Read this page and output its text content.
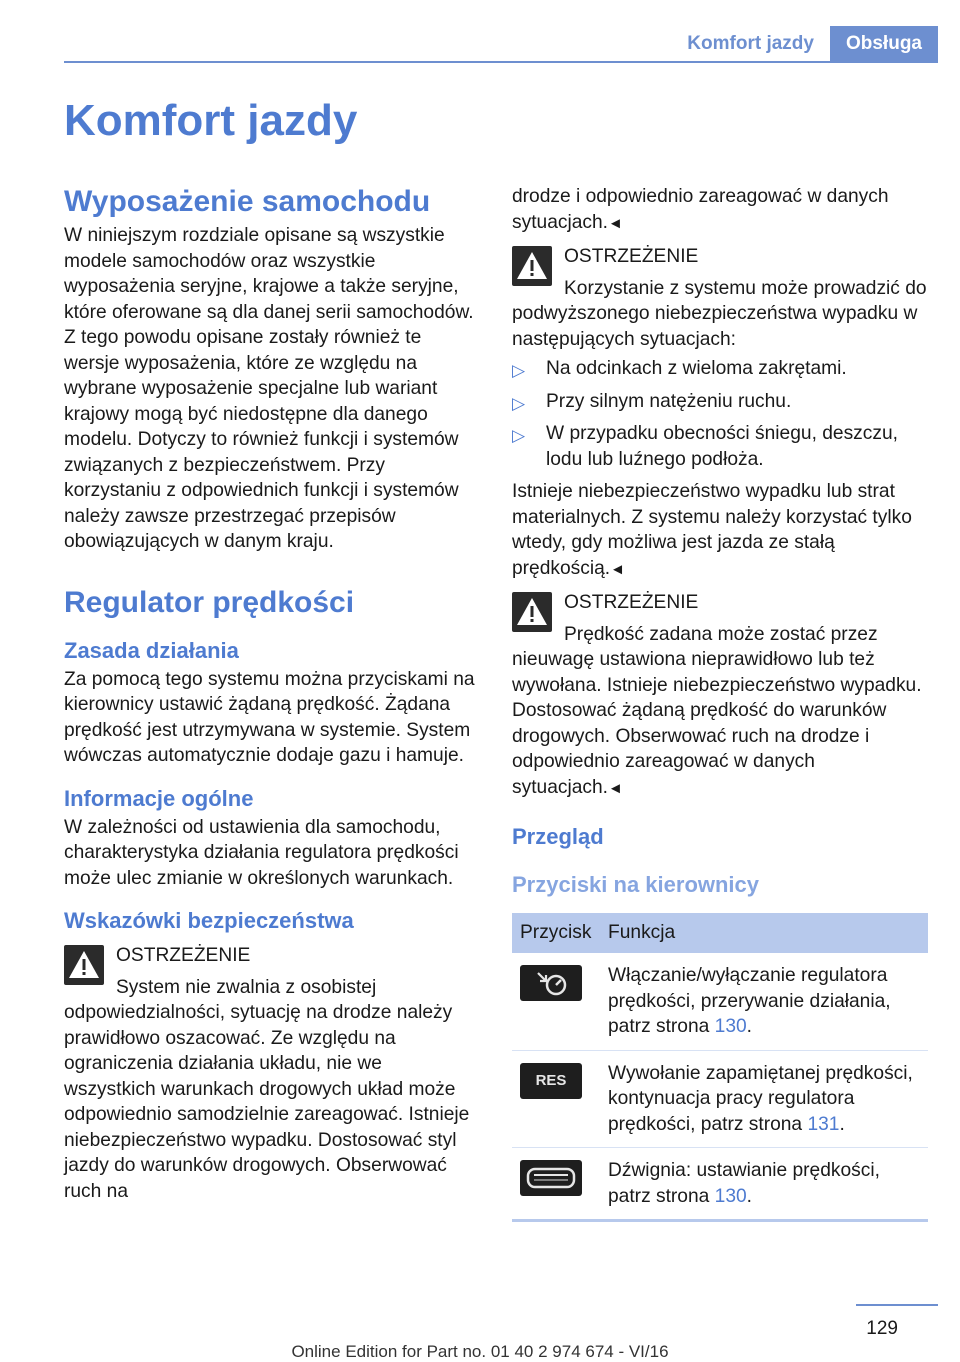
Komfort jazdy	Obsługa
Komfort jazdy
Wyposażenie samochodu

W niniejszym rozdziale opisane są wszystkie modele samochodów oraz wszystkie wyposażenia seryjne, krajowe a także seryjne, które oferowane są dla danej serii samochodów. Z tego powodu opisane zostały również te wersje wyposażenia, które ze względu na wybrane wyposażenie specjalne lub wariant krajowy mogą być niedostępne dla danego modelu. Dotyczy to również funkcji i systemów związanych z bezpieczeństwem. Przy korzystaniu z odpowiednich funkcji i systemów należy zawsze przestrzegać przepisów obowiązujących w danym kraju.

Regulator prędkości
Zasada działania

Za pomocą tego systemu można przyciskami na kierownicy ustawić żądaną prędkość. Żądana prędkość jest utrzymywana w systemie. System wówczas automatycznie dodaje gazu i hamuje.

Informacje ogólne

W zależności od ustawienia dla samochodu, charakterystyka działania regulatora prędkości może ulec zmianie w określonych warunkach.

Wskazówki bezpieczeństwa
OSTRZEŻENIE
System nie zwalnia z osobistej odpowiedzialności, sytuację na drodze należy prawidłowo oszacować. Ze względu na ograniczenia działania układu, nie we wszystkich warunkach drogowych układ może odpowiednio samodzielnie zareagować. Istnieje niebezpieczeństwo wypadku. Dostosować styl jazdy do warunków drogowych. Obserwować ruch na

drodze i odpowiednio zareagować w danych sytuacjach.◄

OSTRZEŻENIE
Korzystanie z systemu może prowadzić do podwyższonego niebezpieczeństwa wypadku w następujących sytuacjach:
▷ Na odcinkach z wieloma zakrętami.
▷ Przy silnym natężeniu ruchu.
▷ W przypadku obecności śniegu, deszczu, lodu lub luźnego podłoża.

Istnieje niebezpieczeństwo wypadku lub strat materialnych. Z systemu należy korzystać tylko wtedy, gdy możliwa jest jazda ze stałą prędkością.◄

OSTRZEŻENIE
Prędkość zadana może zostać przez nieuwagę ustawiona nieprawidłowo lub też wywołana. Istnieje niebezpieczeństwo wypadku. Dostosować żądaną prędkość do warunków drogowych. Obserwować ruch na drodze i odpowiednio zareagować w danych sytuacjach.◄
Przegląd
Przyciski na kierownicy
Przycisk	Funkcja

	Włączanie/wyłączanie regulatora prędkości, przerywanie działania, patrz strona 130.

RES	Wywołanie zapamiętanej prędkości, kontynuacja pracy regulatora prędkości, patrz strona 131.

	Dźwignia: ustawianie prędkości, patrz strona 130.
129
Online Edition for Part no. 01 40 2 974 674 - VI/16
